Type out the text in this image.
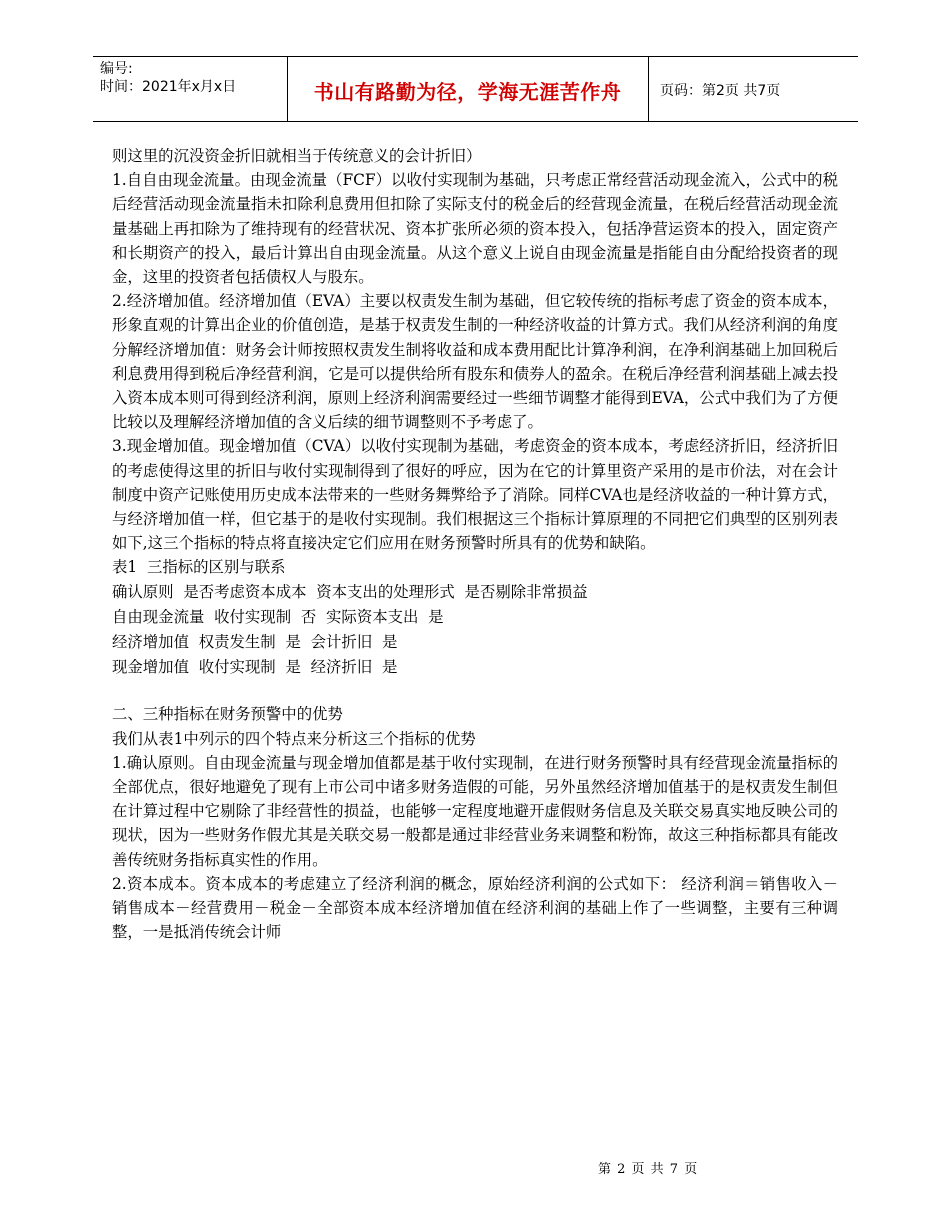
编号:
时间：2021年x月x日	书山有路勤为径，学海无涯苦作舟	页码：第2页 共7页

则这里的沉没资金折旧就相当于传统意义的会计折旧）

1.自自由现金流量。由现金流量（FCF）以收付实现制为基础，只考虑正常经营活动现金流入，公式中的税后经营活动现金流量指未扣除利息费用但扣除了实际支付的税金后的经营现金流量，在税后经营活动现金流量基础上再扣除为了维持现有的经营状况、资本扩张所必须的资本投入，包括净营运资本的投入，固定资产和长期资产的投入，最后计算出自由现金流量。从这个意义上说自由现金流量是指能自由分配给投资者的现金，这里的投资者包括债权人与股东。

2.经济增加值。经济增加值（EVA）主要以权责发生制为基础，但它较传统的指标考虑了资金的资本成本，形象直观的计算出企业的价值创造，是基于权责发生制的一种经济收益的计算方式。我们从经济利润的角度分解经济增加值：财务会计师按照权责发生制将收益和成本费用配比计算净利润，在净利润基础上加回税后利息费用得到税后净经营利润，它是可以提供给所有股东和债券人的盈余。在税后净经营利润基础上减去投入资本成本则可得到经济利润，原则上经济利润需要经过一些细节调整才能得到EVA，公式中我们为了方便比较以及理解经济增加值的含义后续的细节调整则不予考虑了。

3.现金增加值。现金增加值（CVA）以收付实现制为基础，考虑资金的资本成本，考虑经济折旧，经济折旧的考虑使得这里的折旧与收付实现制得到了很好的呼应，因为在它的计算里资产采用的是市价法，对在会计制度中资产记账使用历史成本法带来的一些财务舞弊给予了消除。同样CVA也是经济收益的一种计算方式，与经济增加值一样，但它基于的是收付实现制。我们根据这三个指标计算原理的不同把它们典型的区别列表如下,这三个指标的特点将直接决定它们应用在财务预警时所具有的优势和缺陷。

表1  三指标的区别与联系

确认原则  是否考虑资本成本  资本支出的处理形式  是否剔除非常损益

自由现金流量  收付实现制  否  实际资本支出  是

经济增加值  权责发生制  是  会计折旧  是

现金增加值  收付实现制  是  经济折旧  是

二、三种指标在财务预警中的优势

我们从表1中列示的四个特点来分析这三个指标的优势

1.确认原则。自由现金流量与现金增加值都是基于收付实现制，在进行财务预警时具有经营现金流量指标的全部优点，很好地避免了现有上市公司中诸多财务造假的可能，另外虽然经济增加值基于的是权责发生制但在计算过程中它剔除了非经营性的损益，也能够一定程度地避开虚假财务信息及关联交易真实地反映公司的现状，因为一些财务作假尤其是关联交易一般都是通过非经营业务来调整和粉饰，故这三种指标都具有能改善传统财务指标真实性的作用。

2.资本成本。资本成本的考虑建立了经济利润的概念，原始经济利润的公式如下： 经济利润＝销售收入－销售成本－经营费用－税金－全部资本成本经济增加值在经济利润的基础上作了一些调整，主要有三种调整，一是抵消传统会计师

第 2 页 共 7 页
